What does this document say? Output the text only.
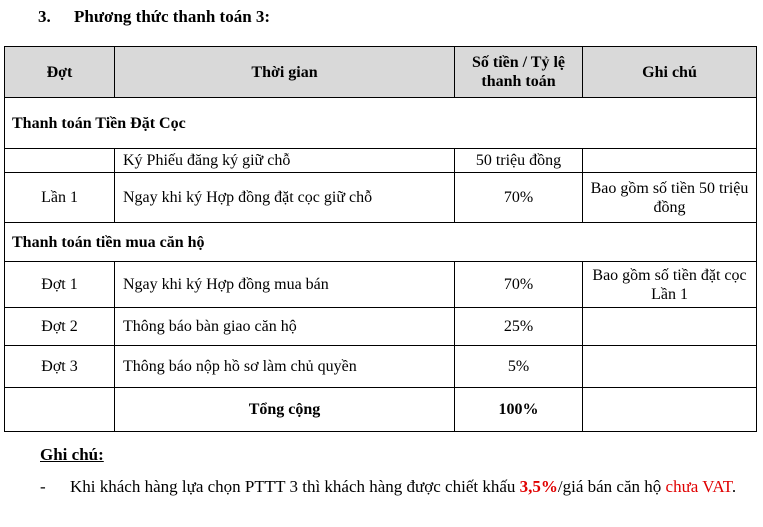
3. Phương thức thanh toán 3:
Đợt	Thời gian	Số tiền / Tỷ lệ thanh toán	Ghi chú
Thanh toán Tiền Đặt Cọc			
	Ký Phiếu đăng ký giữ chỗ	50 triệu đồng	
Lần 1	Ngay khi ký Hợp đồng đặt cọc giữ chỗ	70%	Bao gồm số tiền 50 triệu đồng
Thanh toán tiền mua căn hộ			
Đợt 1	Ngay khi ký Hợp đồng mua bán	70%	Bao gồm số tiền đặt cọc Lần 1
Đợt 2	Thông báo bàn giao căn hộ	25%	
Đợt 3	Thông báo nộp hồ sơ làm chủ quyền	5%	
	Tổng cộng	100%	
Ghi chú:
-	Khi khách hàng lựa chọn PTTT 3 thì khách hàng được chiết khấu 3,5%/giá bán căn hộ chưa VAT.
